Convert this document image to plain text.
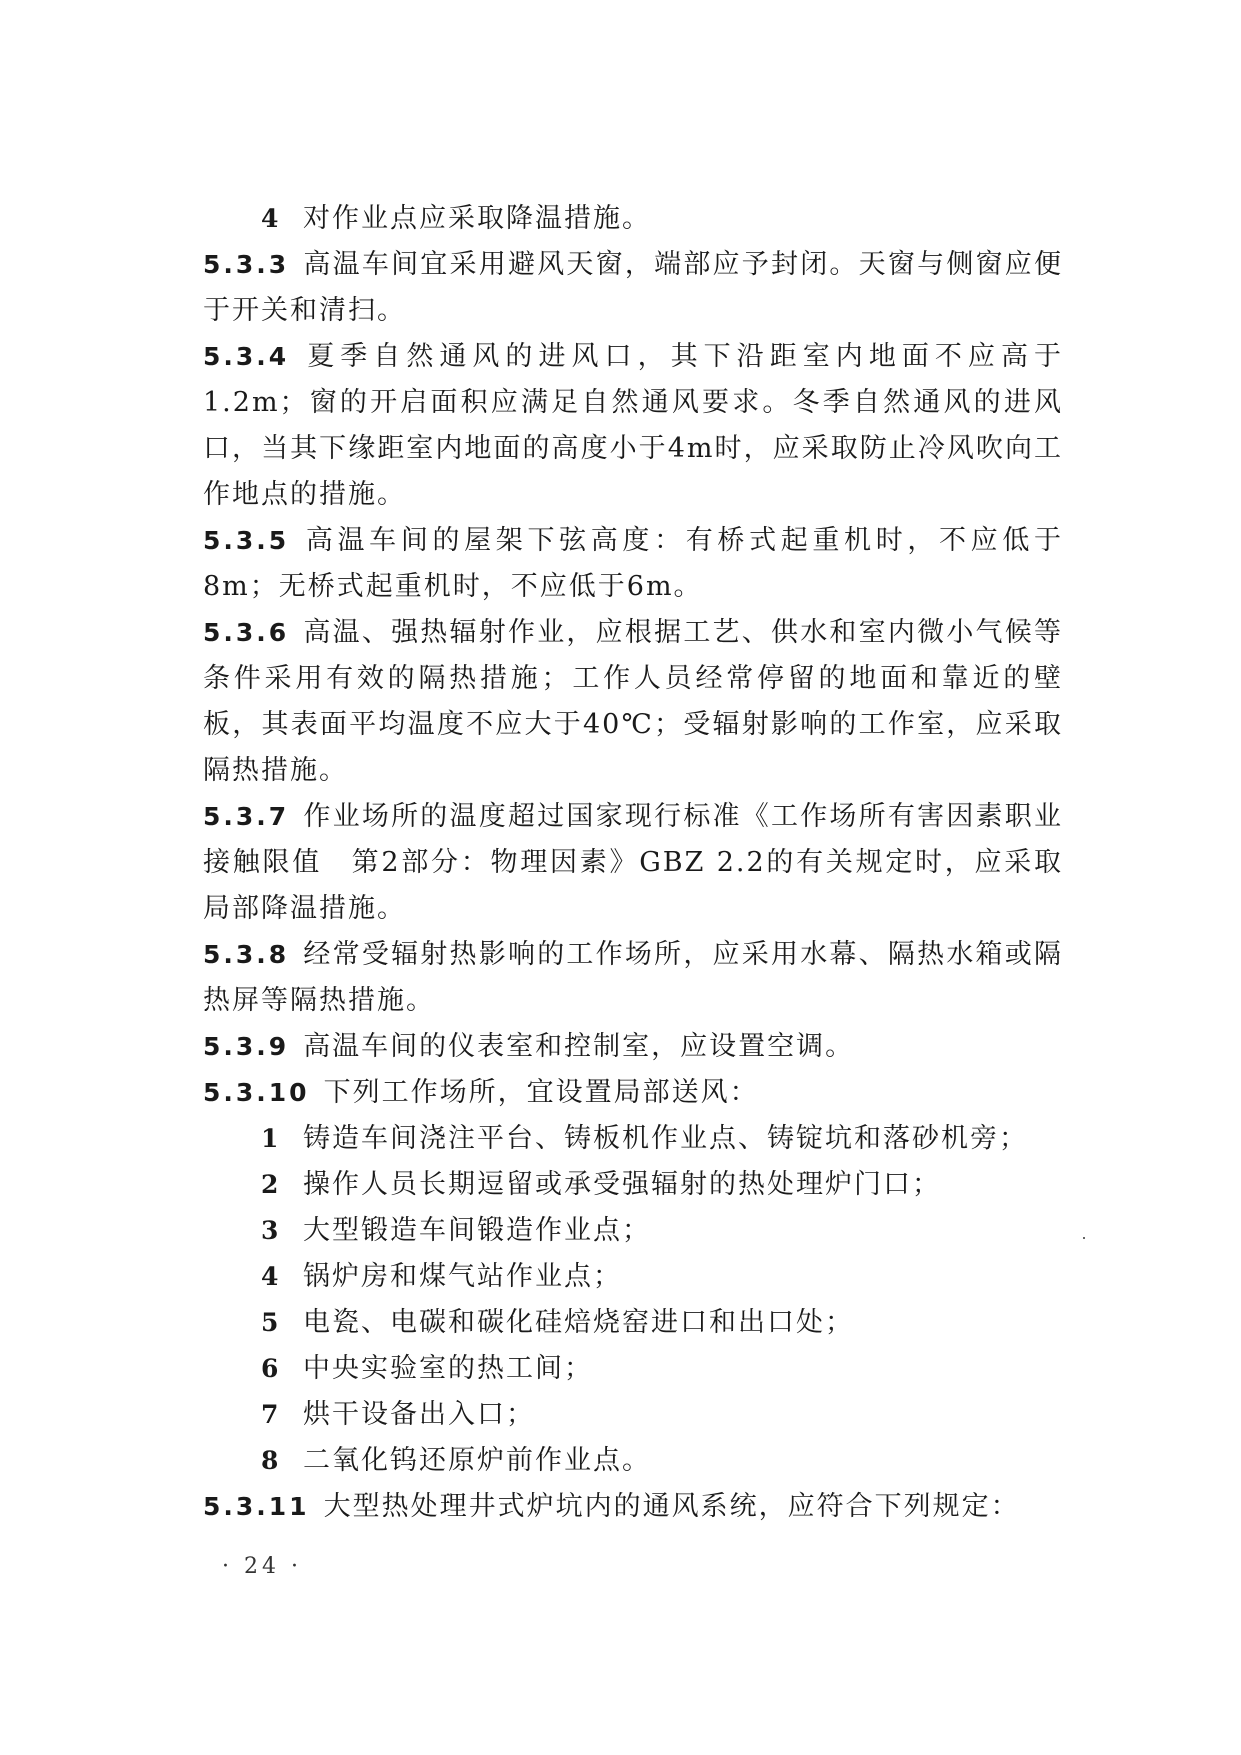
4 对作业点应采取降温措施。

5.3.3 高温车间宜采用避风天窗，端部应予封闭。天窗与侧窗应便于开关和清扫。

5.3.4 夏季自然通风的进风口，其下沿距室内地面不应高于1.2m；窗的开启面积应满足自然通风要求。冬季自然通风的进风口，当其下缘距室内地面的高度小于4m时，应采取防止冷风吹向工作地点的措施。

5.3.5 高温车间的屋架下弦高度：有桥式起重机时，不应低于8m；无桥式起重机时，不应低于6m。

5.3.6 高温、强热辐射作业，应根据工艺、供水和室内微小气候等条件采用有效的隔热措施；工作人员经常停留的地面和靠近的壁板，其表面平均温度不应大于40℃；受辐射影响的工作室，应采取隔热措施。

5.3.7 作业场所的温度超过国家现行标准《工作场所有害因素职业接触限值　第2部分：物理因素》GBZ 2.2的有关规定时，应采取局部降温措施。

5.3.8 经常受辐射热影响的工作场所，应采用水幕、隔热水箱或隔热屏等隔热措施。

5.3.9 高温车间的仪表室和控制室，应设置空调。

5.3.10 下列工作场所，宜设置局部送风：

1 铸造车间浇注平台、铸板机作业点、铸锭坑和落砂机旁；

2 操作人员长期逗留或承受强辐射的热处理炉门口；

3 大型锻造车间锻造作业点；

4 锅炉房和煤气站作业点；

5 电瓷、电碳和碳化硅焙烧窑进口和出口处；

6 中央实验室的热工间；

7 烘干设备出入口；

8 二氧化钨还原炉前作业点。

5.3.11 大型热处理井式炉坑内的通风系统，应符合下列规定：

· 24 ·
